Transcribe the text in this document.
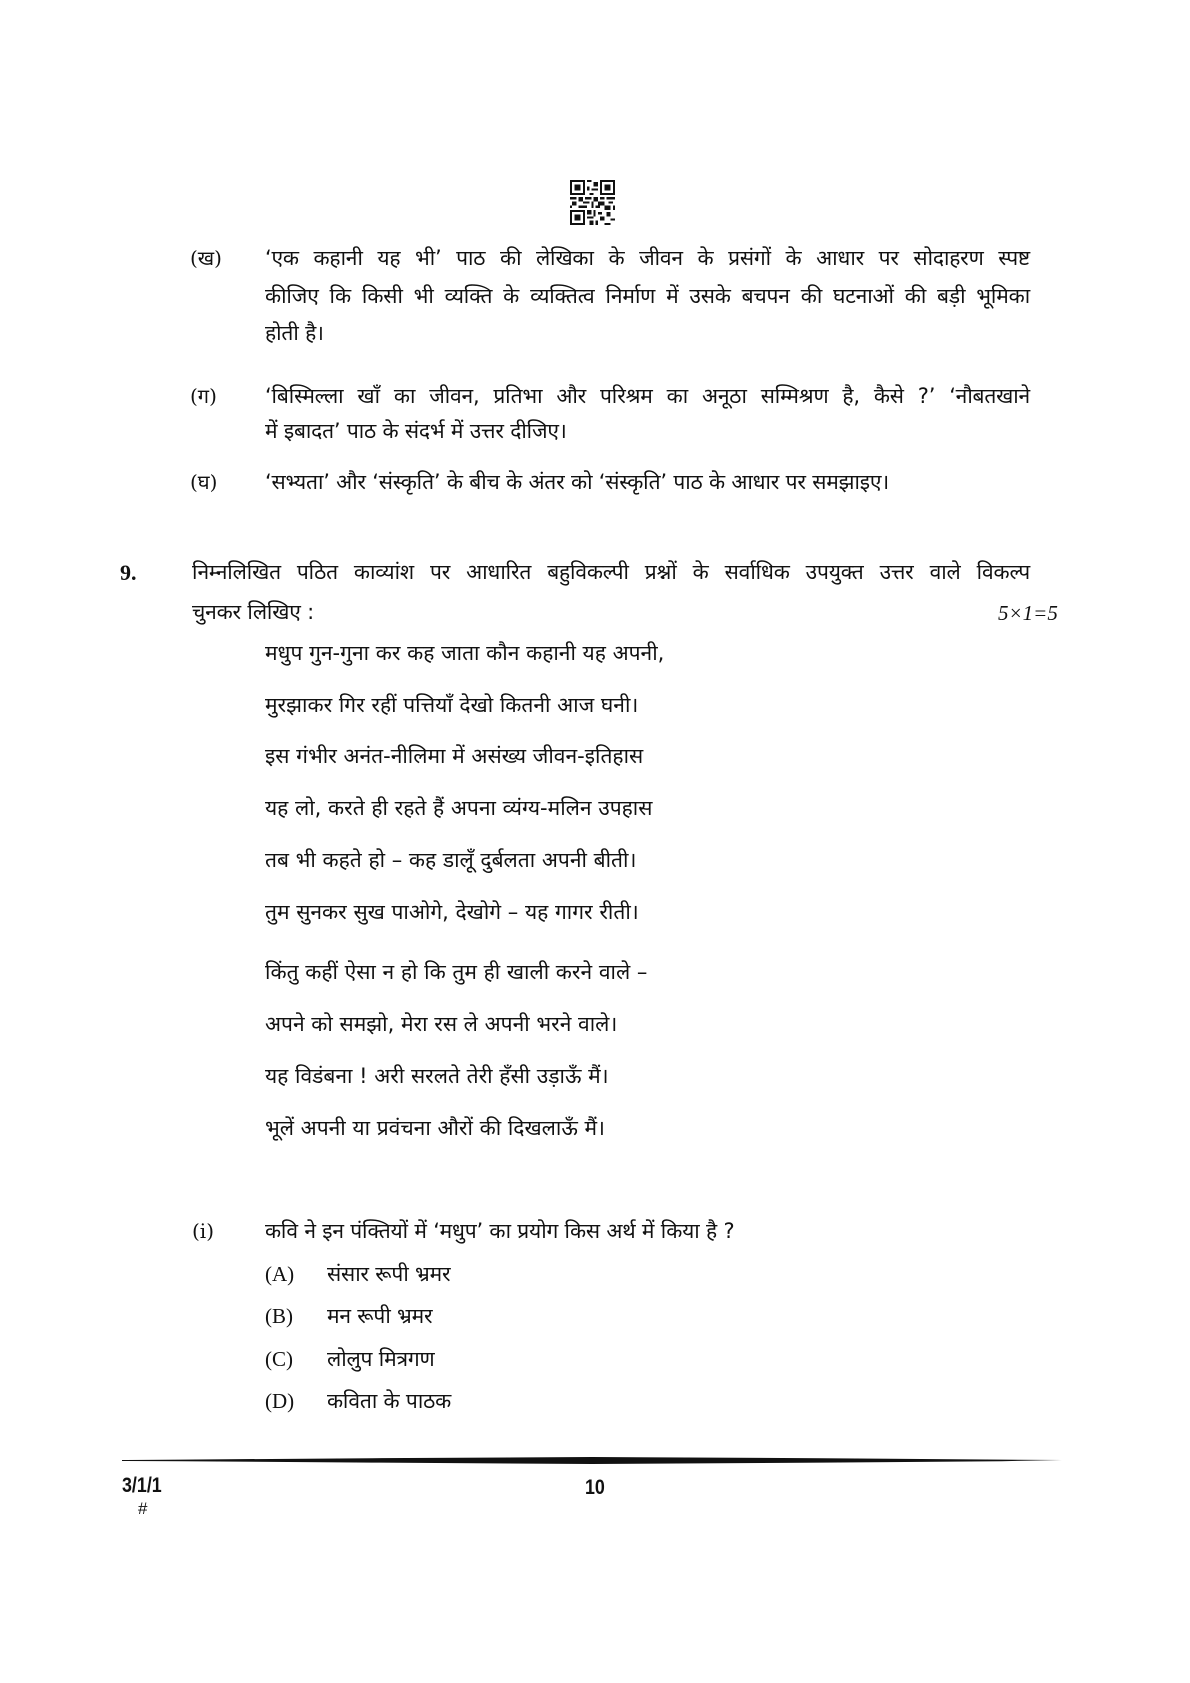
(ख) ‘एक कहानी यह भी’ पाठ की लेखिका के जीवन के प्रसंगों के आधार पर सोदाहरण स्पष्ट
कीजिए कि किसी भी व्यक्ति के व्यक्तित्व निर्माण में उसके बचपन की घटनाओं की बड़ी भूमिका
होती है।
(ग) ‘बिस्मिल्ला खाँ का जीवन, प्रतिभा और परिश्रम का अनूठा सम्मिश्रण है, कैसे ?’ ‘नौबतखाने
में इबादत’ पाठ के संदर्भ में उत्तर दीजिए।
(घ) ‘सभ्यता’ और ‘संस्कृति’ के बीच के अंतर को ‘संस्कृति’ पाठ के आधार पर समझाइए।
9.	निम्नलिखित पठित काव्यांश पर आधारित बहुविकल्पी प्रश्नों के सर्वाधिक उपयुक्त उत्तर वाले विकल्प
चुनकर लिखिए :	5×1=5
मधुप गुन-गुना कर कह जाता कौन कहानी यह अपनी,
मुरझाकर गिर रहीं पत्तियाँ देखो कितनी आज घनी।
इस गंभीर अनंत-नीलिमा में असंख्य जीवन-इतिहास
यह लो, करते ही रहते हैं अपना व्यंग्य-मलिन उपहास
तब भी कहते हो – कह डालूँ दुर्बलता अपनी बीती।
तुम सुनकर सुख पाओगे, देखोगे – यह गागर रीती।
किंतु कहीं ऐसा न हो कि तुम ही खाली करने वाले –
अपने को समझो, मेरा रस ले अपनी भरने वाले।
यह विडंबना ! अरी सरलते तेरी हँसी उड़ाऊँ मैं।
भूलें अपनी या प्रवंचना औरों की दिखलाऊँ मैं।
(i) कवि ने इन पंक्तियों में ‘मधुप’ का प्रयोग किस अर्थ में किया है ?
(A) संसार रूपी भ्रमर
(B) मन रूपी भ्रमर
(C) लोलुप मित्रगण
(D) कविता के पाठक
3/1/1
#
10
